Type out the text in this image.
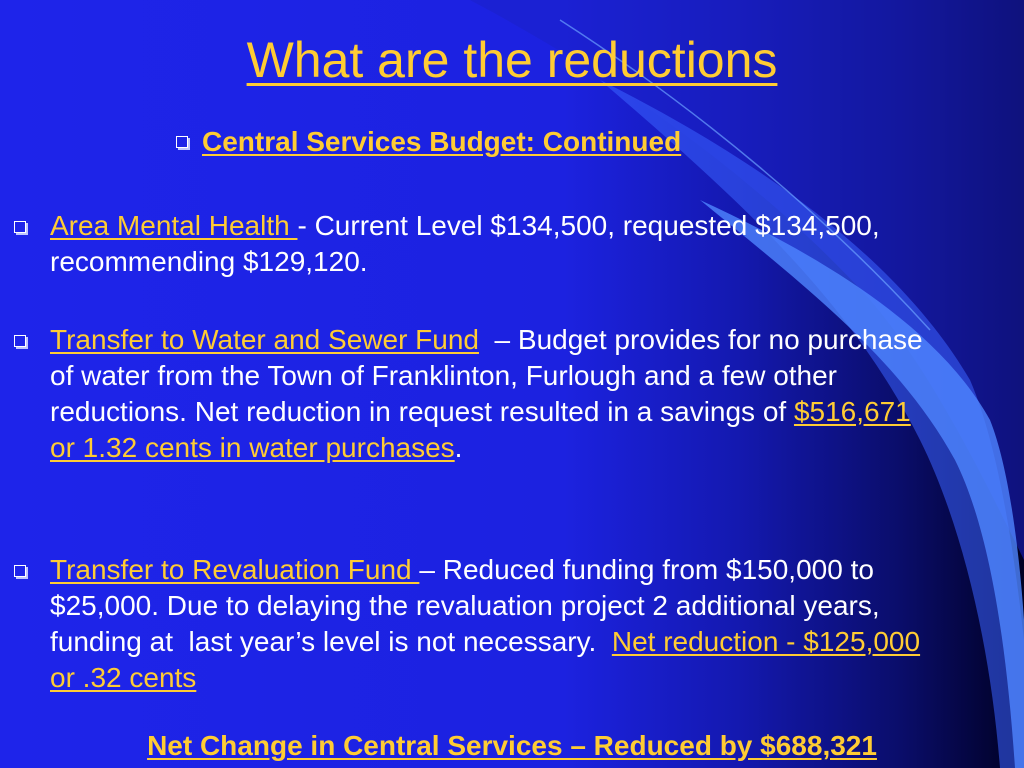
What are the reductions
Central Services Budget: Continued
Area Mental Health - Current Level $134,500, requested $134,500, recommending $129,120.
Transfer to Water and Sewer Fund  – Budget provides for no purchase of water from the Town of Franklinton, Furlough and a few other reductions. Net reduction in request resulted in a savings of $516,671 or 1.32 cents in water purchases.
Transfer to Revaluation Fund – Reduced funding from $150,000 to $25,000. Due to delaying the revaluation project 2 additional years, funding at  last year’s level is not necessary.  Net reduction - $125,000 or .32 cents
Net Change in Central Services – Reduced by $688,321
